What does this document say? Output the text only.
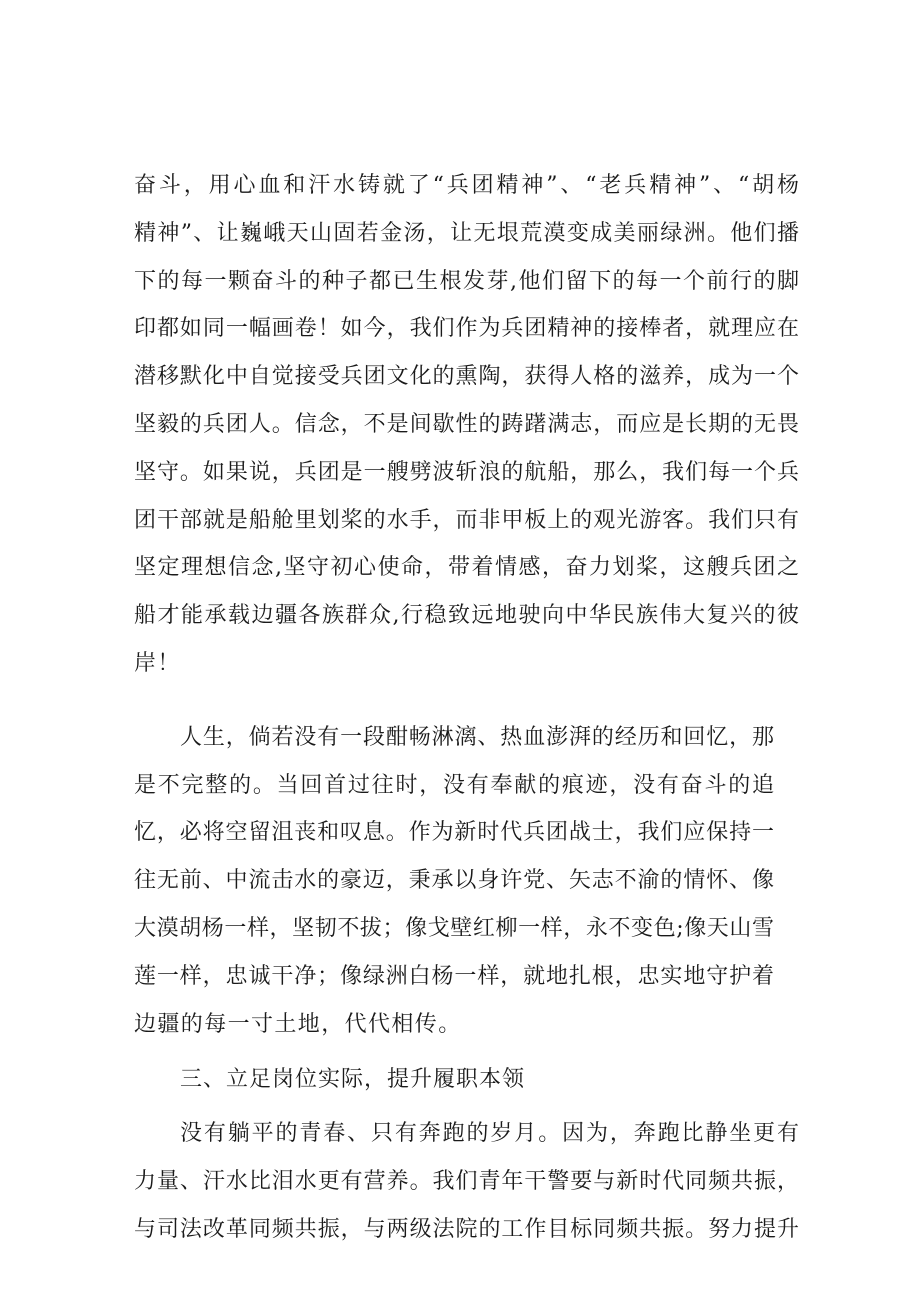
奋斗，用心血和汗水铸就了“兵团精神”、“老兵精神”、“胡杨
精神”、让巍峨天山固若金汤，让无垠荒漠变成美丽绿洲。他们播
下的每一颗奋斗的种子都已生根发芽,他们留下的每一个前行的脚
印都如同一幅画卷！如今，我们作为兵团精神的接棒者，就理应在
潜移默化中自觉接受兵团文化的熏陶，获得人格的滋养，成为一个
坚毅的兵团人。信念，不是间歇性的踌躇满志，而应是长期的无畏
坚守。如果说，兵团是一艘劈波斩浪的航船，那么，我们每一个兵
团干部就是船舱里划桨的水手，而非甲板上的观光游客。我们只有
坚定理想信念,坚守初心使命，带着情感，奋力划桨，这艘兵团之
船才能承载边疆各族群众,行稳致远地驶向中华民族伟大复兴的彼
岸！
人生，倘若没有一段酣畅淋漓、热血澎湃的经历和回忆，那
是不完整的。当回首过往时，没有奉献的痕迹，没有奋斗的追
忆，必将空留沮丧和叹息。作为新时代兵团战士，我们应保持一
往无前、中流击水的豪迈，秉承以身许党、矢志不渝的情怀、像
大漠胡杨一样，坚韧不拔；像戈壁红柳一样，永不变色;像天山雪
莲一样，忠诚干净；像绿洲白杨一样，就地扎根，忠实地守护着
边疆的每一寸土地，代代相传。
三、立足岗位实际，提升履职本领
没有躺平的青春、只有奔跑的岁月。因为，奔跑比静坐更有
力量、汗水比泪水更有营养。我们青年干警要与新时代同频共振，
与司法改革同频共振，与两级法院的工作目标同频共振。努力提升
